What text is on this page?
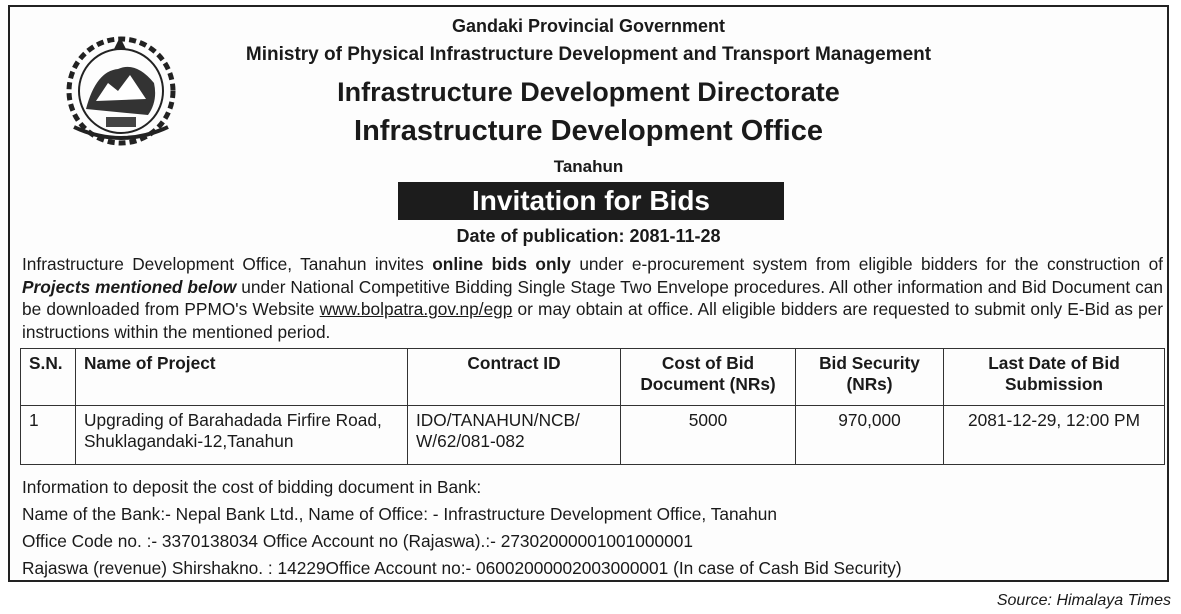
Gandaki Provincial Government
Ministry of Physical Infrastructure Development and Transport Management
Infrastructure Development Directorate
Infrastructure Development Office
Tanahun
Invitation for Bids
Date of publication: 2081-11-28
Infrastructure Development Office, Tanahun invites online bids only under e-procurement system from eligible bidders for the construction of Projects mentioned below under National Competitive Bidding Single Stage Two Envelope procedures. All other information and Bid Document can be downloaded from PPMO's Website www.bolpatra.gov.np/egp or may obtain at office. All eligible bidders are requested to submit only E-Bid as per instructions within the mentioned period.
S.N.	Name of Project	Contract ID	Cost of Bid Document (NRs)	Bid Security (NRs)	Last Date of Bid Submission
1	Upgrading of Barahadada Firfire Road, Shuklagandaki-12,Tanahun	IDO/TANAHUN/NCB/ W/62/081-082	5000	970,000	2081-12-29, 12:00 PM
Information to deposit the cost of bidding document in Bank:
Name of the Bank:- Nepal Bank Ltd., Name of Office: - Infrastructure Development Office, Tanahun
Office Code no. :- 3370138034 Office Account no (Rajaswa).:- 27302000001001000001
Rajaswa (revenue) Shirshakno. : 14229Office Account no:- 06002000002003000001 (In case of Cash Bid Security)
Source: Himalaya Times
